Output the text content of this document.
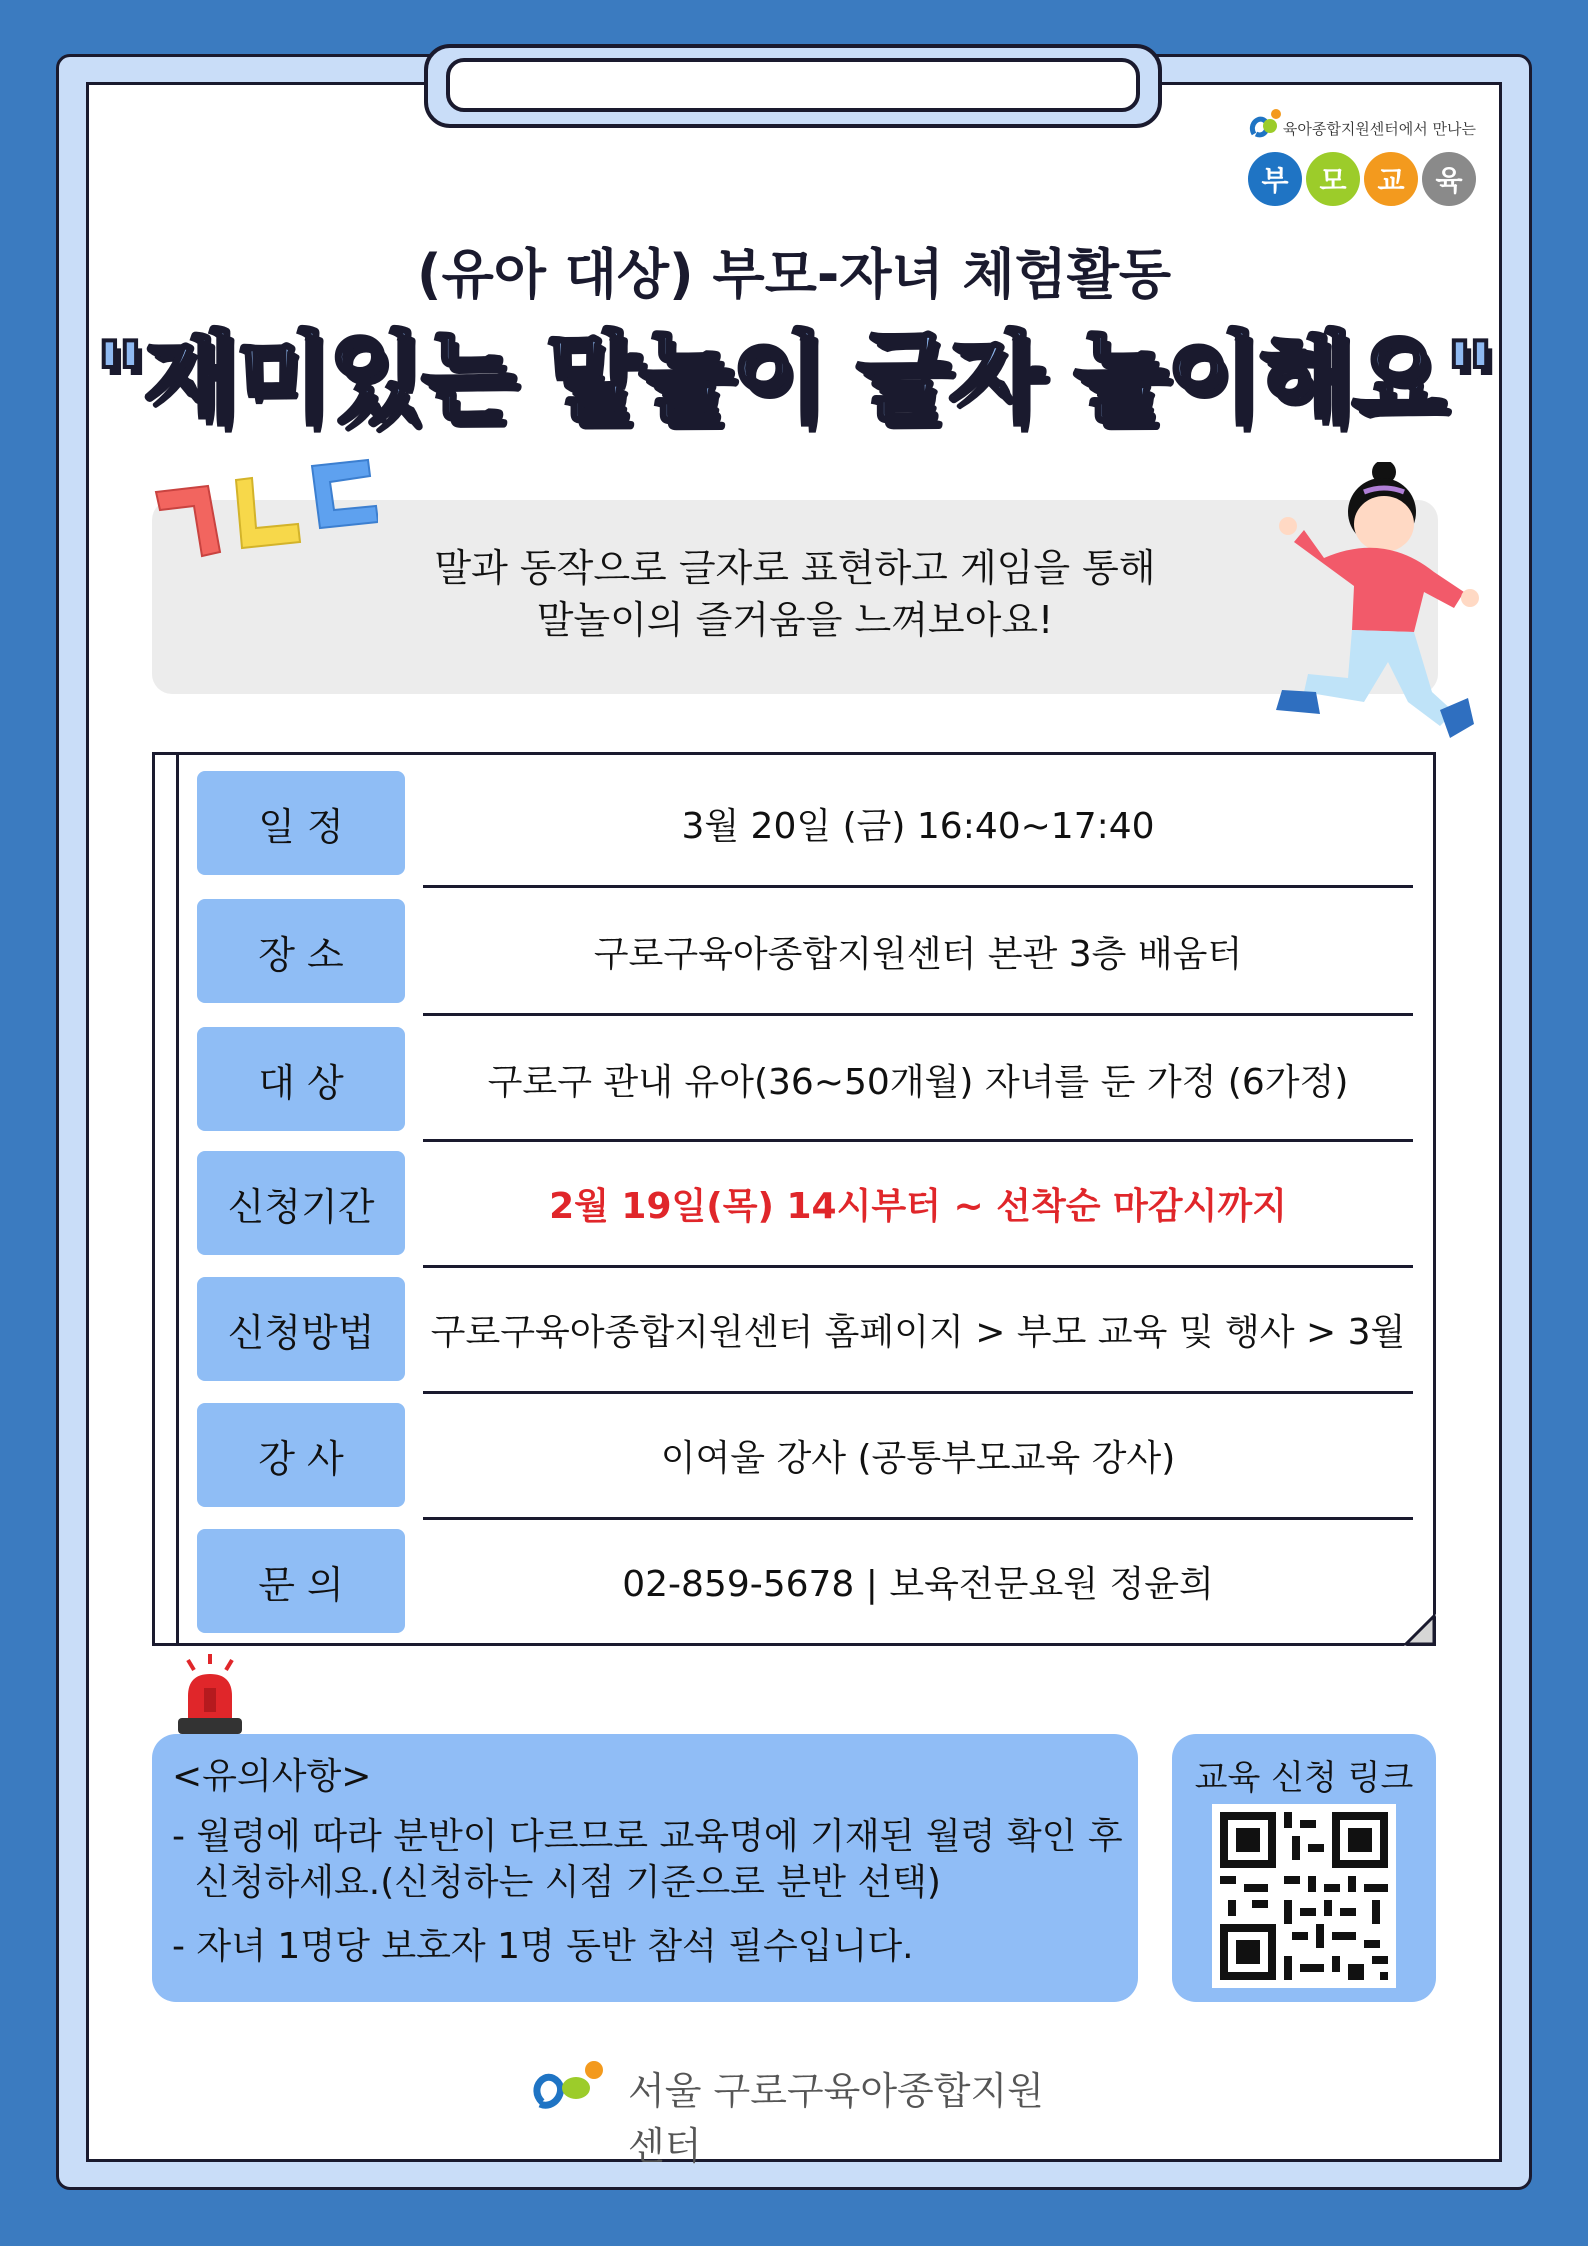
육아종합지원센터에서 만나는
부	모	교	육
(유아 대상) 부모-자녀 체험활동
"재미있는 말놀이 글자 놀이해요"
말과 동작으로 글자로 표현하고 게임을 통해
말놀이의 즐거움을 느껴보아요!
일 정	3월 20일 (금) 16:40~17:40
장 소	구로구육아종합지원센터 본관 3층 배움터
대 상	구로구 관내 유아(36~50개월) 자녀를 둔 가정 (6가정)
신청기간	2월 19일(목) 14시부터 ~ 선착순 마감시까지
신청방법	구로구육아종합지원센터 홈페이지 > 부모 교육 및 행사 > 3월
강 사	이여울 강사 (공통부모교육 강사)
문 의	02-859-5678 | 보육전문요원 정윤희
<유의사항>
- 월령에 따라 분반이 다르므로 교육명에 기재된 월령 확인 후
신청하세요.(신청하는 시점 기준으로 분반 선택)
- 자녀 1명당 보호자 1명 동반 참석 필수입니다.
교육 신청 링크
서울 구로구육아종합지원센터
